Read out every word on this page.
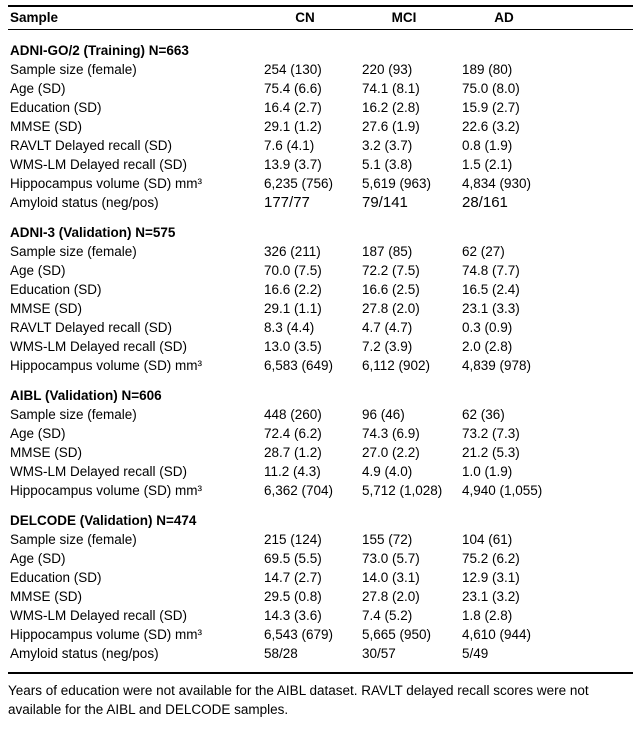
Sample	CN	MCI	AD
ADNI-GO/2 (Training) N=663
Sample size (female)	254 (130)	220 (93)	189 (80)
Age (SD)	75.4 (6.6)	74.1 (8.1)	75.0 (8.0)
Education (SD)	16.4 (2.7)	16.2 (2.8)	15.9 (2.7)
MMSE (SD)	29.1 (1.2)	27.6 (1.9)	22.6 (3.2)
RAVLT Delayed recall (SD)	7.6 (4.1)	3.2 (3.7)	0.8 (1.9)
WMS-LM Delayed recall (SD)	13.9 (3.7)	5.1 (3.8)	1.5 (2.1)
Hippocampus volume (SD) mm³	6,235 (756)	5,619 (963)	4,834 (930)
Amyloid status (neg/pos)	177/77	79/141	28/161
ADNI-3 (Validation) N=575
Sample size (female)	326 (211)	187 (85)	62 (27)
Age (SD)	70.0 (7.5)	72.2 (7.5)	74.8 (7.7)
Education (SD)	16.6 (2.2)	16.6 (2.5)	16.5 (2.4)
MMSE (SD)	29.1 (1.1)	27.8 (2.0)	23.1 (3.3)
RAVLT Delayed recall (SD)	8.3 (4.4)	4.7 (4.7)	0.3 (0.9)
WMS-LM Delayed recall (SD)	13.0 (3.5)	7.2 (3.9)	2.0 (2.8)
Hippocampus volume (SD) mm³	6,583 (649)	6,112 (902)	4,839 (978)
AIBL (Validation) N=606
Sample size (female)	448 (260)	96 (46)	62 (36)
Age (SD)	72.4 (6.2)	74.3 (6.9)	73.2 (7.3)
MMSE (SD)	28.7 (1.2)	27.0 (2.2)	21.2 (5.3)
WMS-LM Delayed recall (SD)	11.2 (4.3)	4.9 (4.0)	1.0 (1.9)
Hippocampus volume (SD) mm³	6,362 (704)	5,712 (1,028)	4,940 (1,055)
DELCODE (Validation) N=474
Sample size (female)	215 (124)	155 (72)	104 (61)
Age (SD)	69.5 (5.5)	73.0 (5.7)	75.2 (6.2)
Education (SD)	14.7 (2.7)	14.0 (3.1)	12.9 (3.1)
MMSE (SD)	29.5 (0.8)	27.8 (2.0)	23.1 (3.2)
WMS-LM Delayed recall (SD)	14.3 (3.6)	7.4 (5.2)	1.8 (2.8)
Hippocampus volume (SD) mm³	6,543 (679)	5,665 (950)	4,610 (944)
Amyloid status (neg/pos)	58/28	30/57	5/49
Years of education were not available for the AIBL dataset. RAVLT delayed recall scores were not available for the AIBL and DELCODE samples.
